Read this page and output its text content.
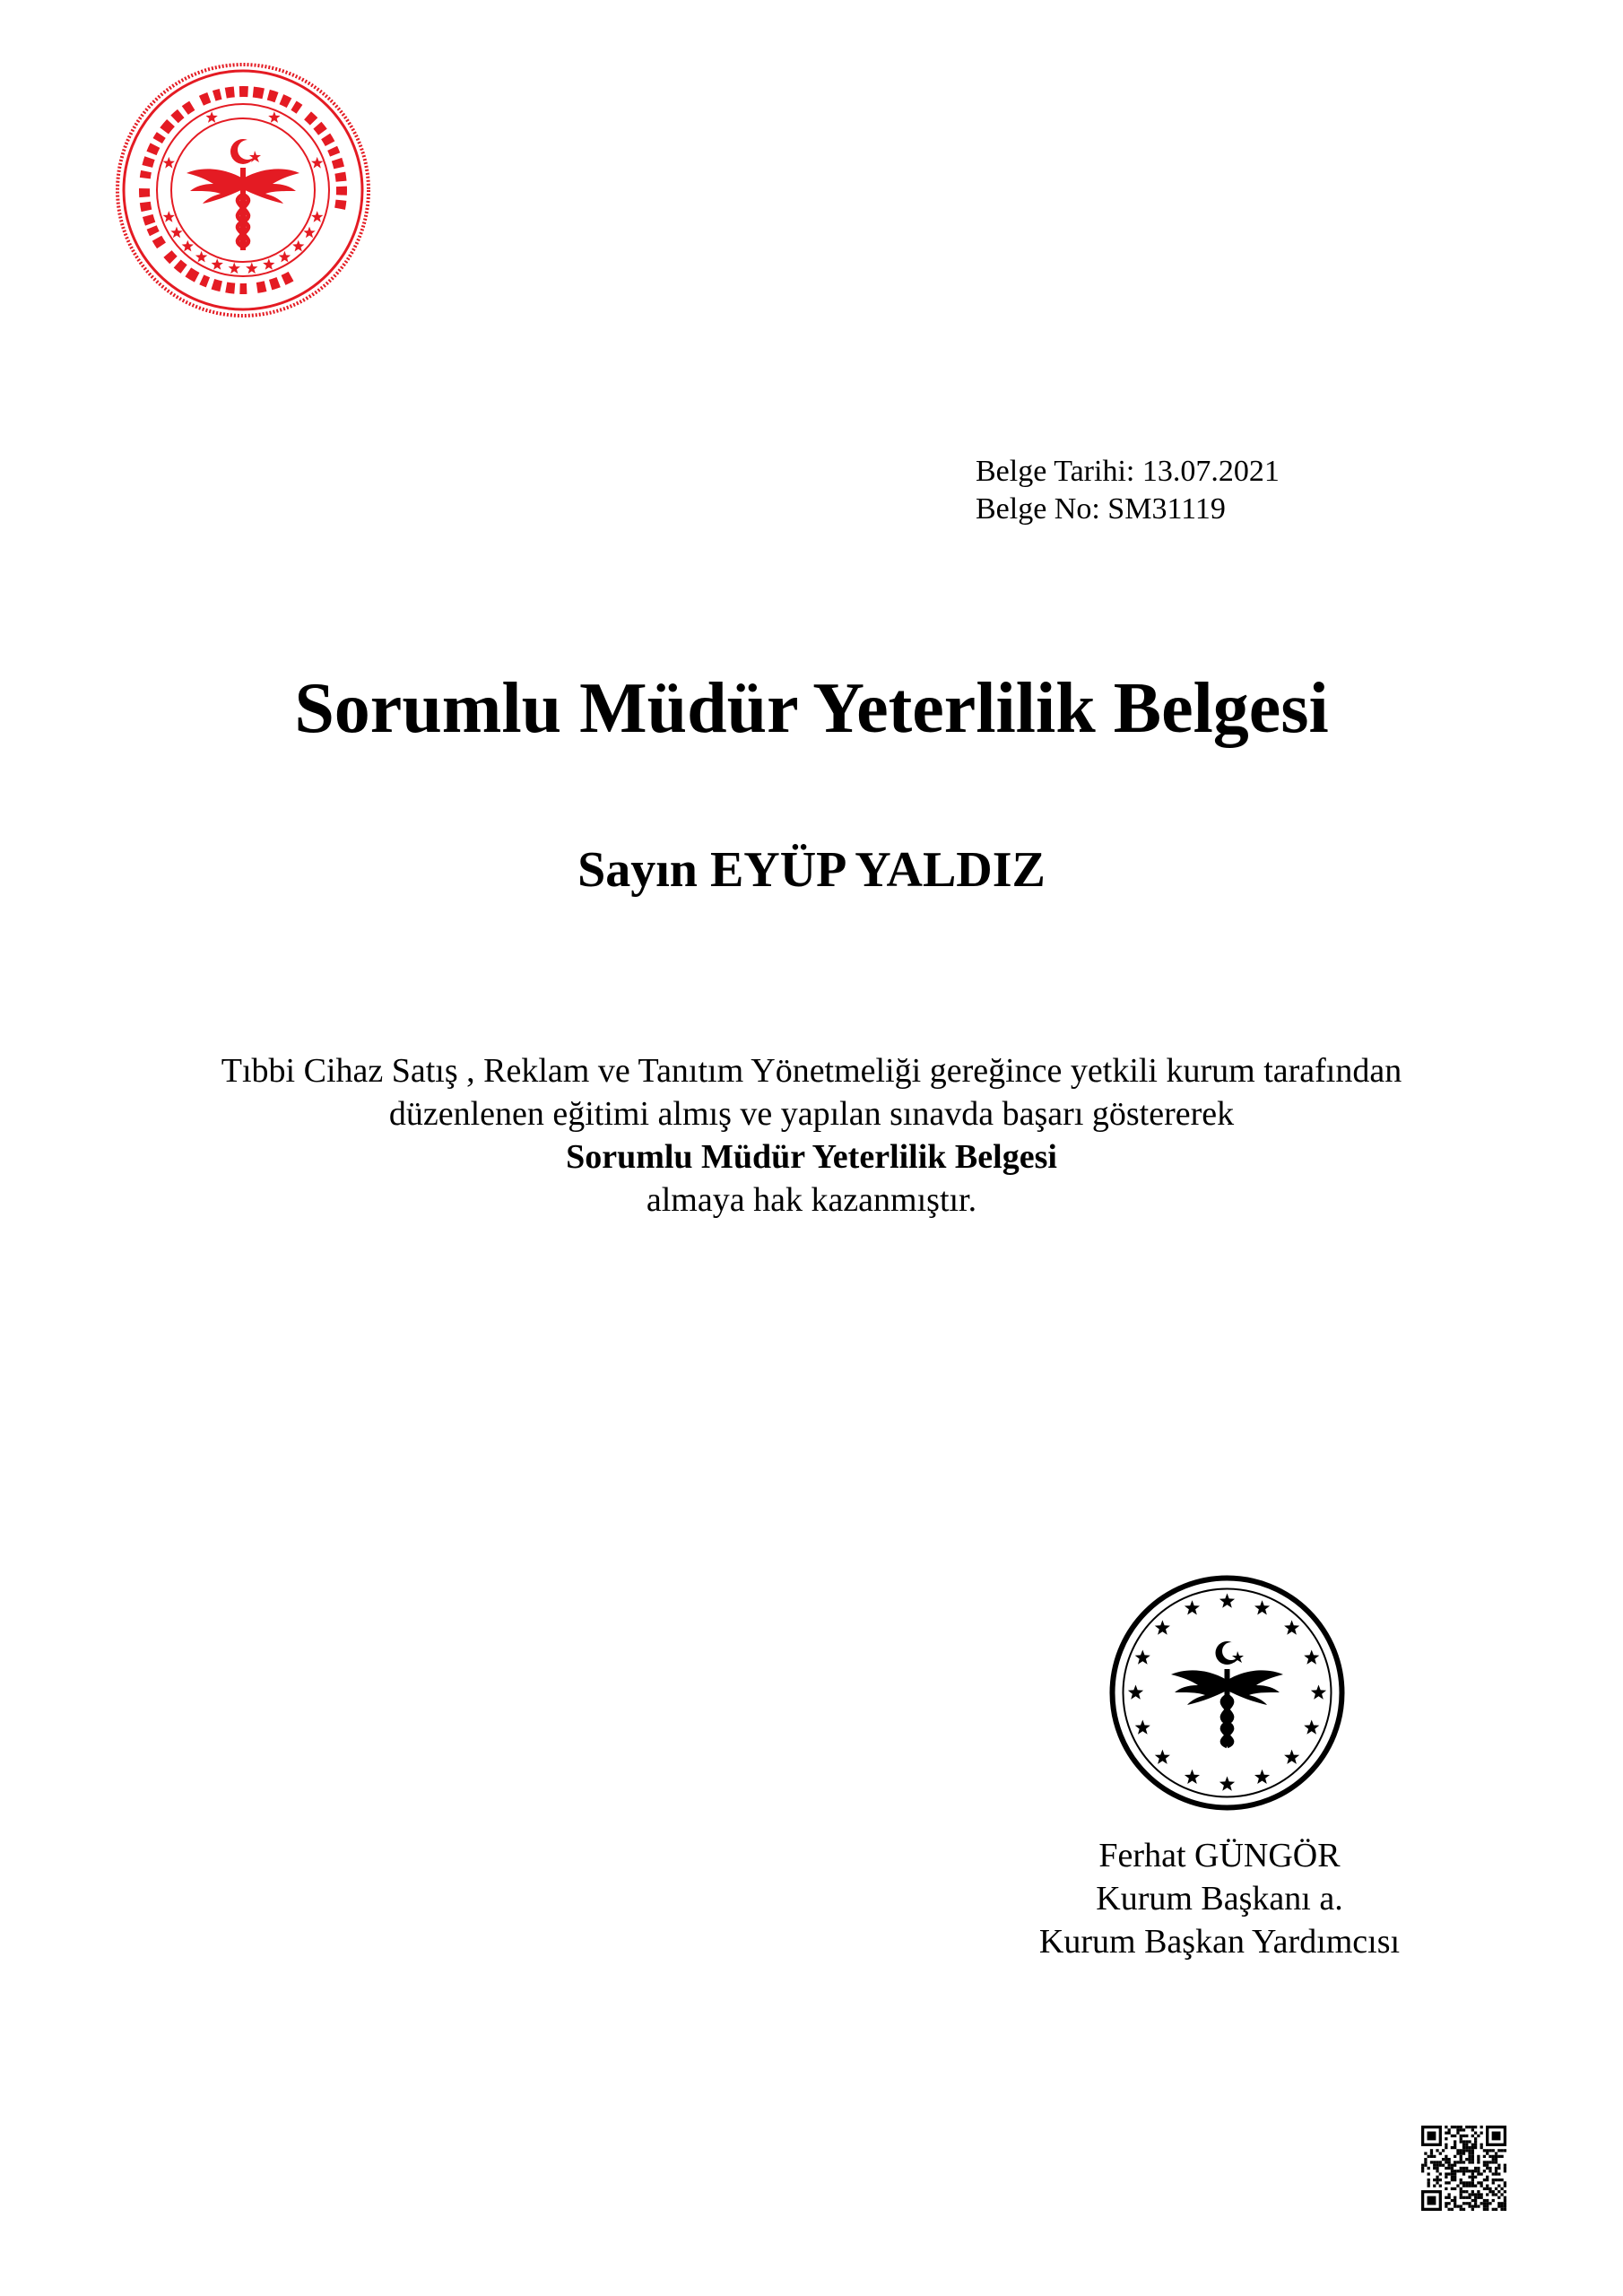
Belge Tarihi: 13.07.2021
Belge No: SM31119
Sorumlu Müdür Yeterlilik Belgesi
Sayın EYÜP YALDIZ
Tıbbi Cihaz Satış , Reklam ve Tanıtım Yönetmeliği gereğince yetkili kurum tarafından
düzenlenen eğitimi almış ve yapılan sınavda başarı göstererek
Sorumlu Müdür Yeterlilik Belgesi
almaya hak kazanmıştır.
Ferhat GÜNGÖR
Kurum Başkanı a.
Kurum Başkan Yardımcısı
